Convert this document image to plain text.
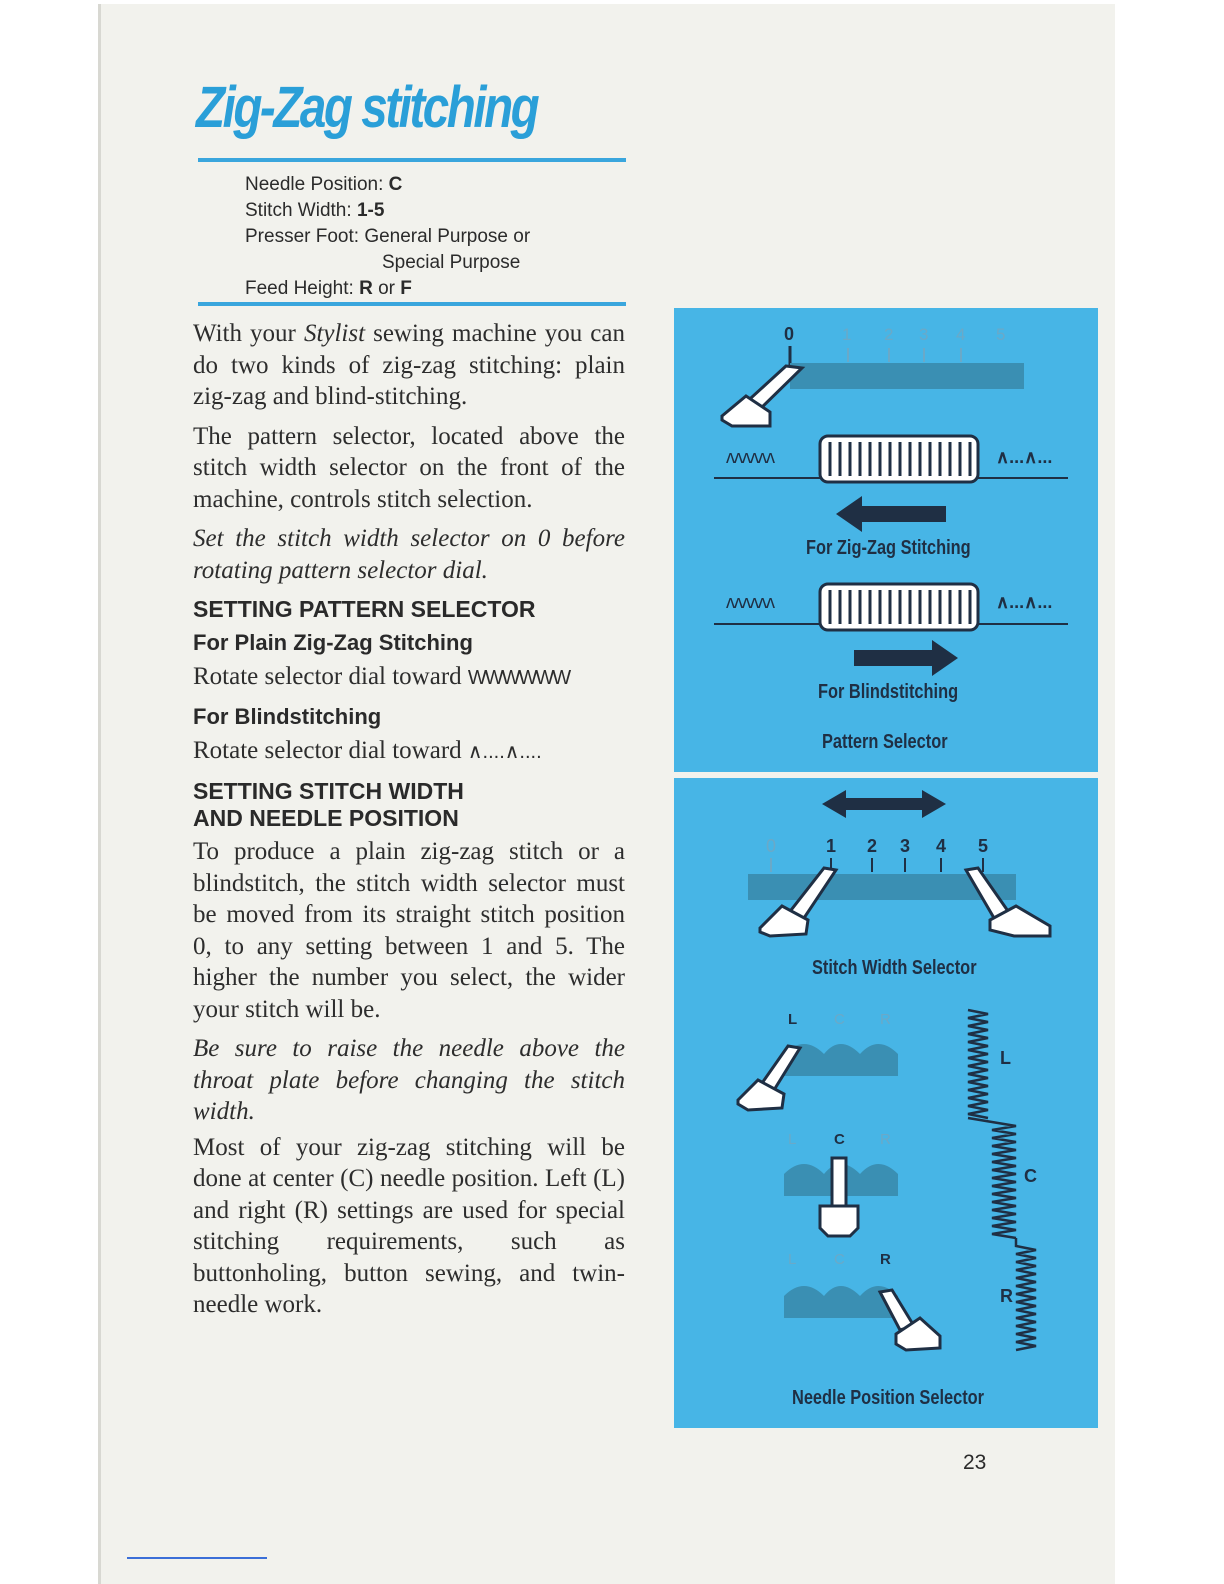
Zig-Zag stitching
Needle Position:
C
Stitch Width:
1-5
Presser Foot:
General Purpose or
Special Purpose
Feed Height:
R
or
F

With your Stylist sewing machine you can do two kinds of zig-zag stitching: plain zig-zag and blind-stitching.

The pattern selector, located above the stitch width selector on the front of the machine, controls stitch selection.

Set the stitch width selector on 0 before rotating pattern selector dial.

SETTING PATTERN SELECTOR
For Plain Zig-Zag Stitching

Rotate selector dial toward WWWWWW

For Blindstitching

Rotate selector dial toward ∧....∧....

SETTING STITCH WIDTH
AND NEEDLE POSITION

To produce a plain zig-zag stitch or a blindstitch, the stitch width selector must be moved from its straight stitch position 0, to any setting between 1 and 5. The higher the number you select, the wider your stitch will be.

Be sure to raise the needle above the throat plate before changing the stitch width.

Most of your zig-zag stitching will be done at center (C) needle position. Left (L) and right (R) settings are used for special stitching requirements, such as buttonholing, button sewing, and twin-needle work.

0	1 2 3 4 5
ʌʌʌʌʌʌ	∧...∧...
For Zig-Zag Stitching
ʌʌʌʌʌʌ	∧...∧...
For Blindstitching
Pattern Selector
0	1 2 3 4 5
Stitch Width Selector
L C R
L	C R
L	C R
L
C
R
Needle Position Selector
23
